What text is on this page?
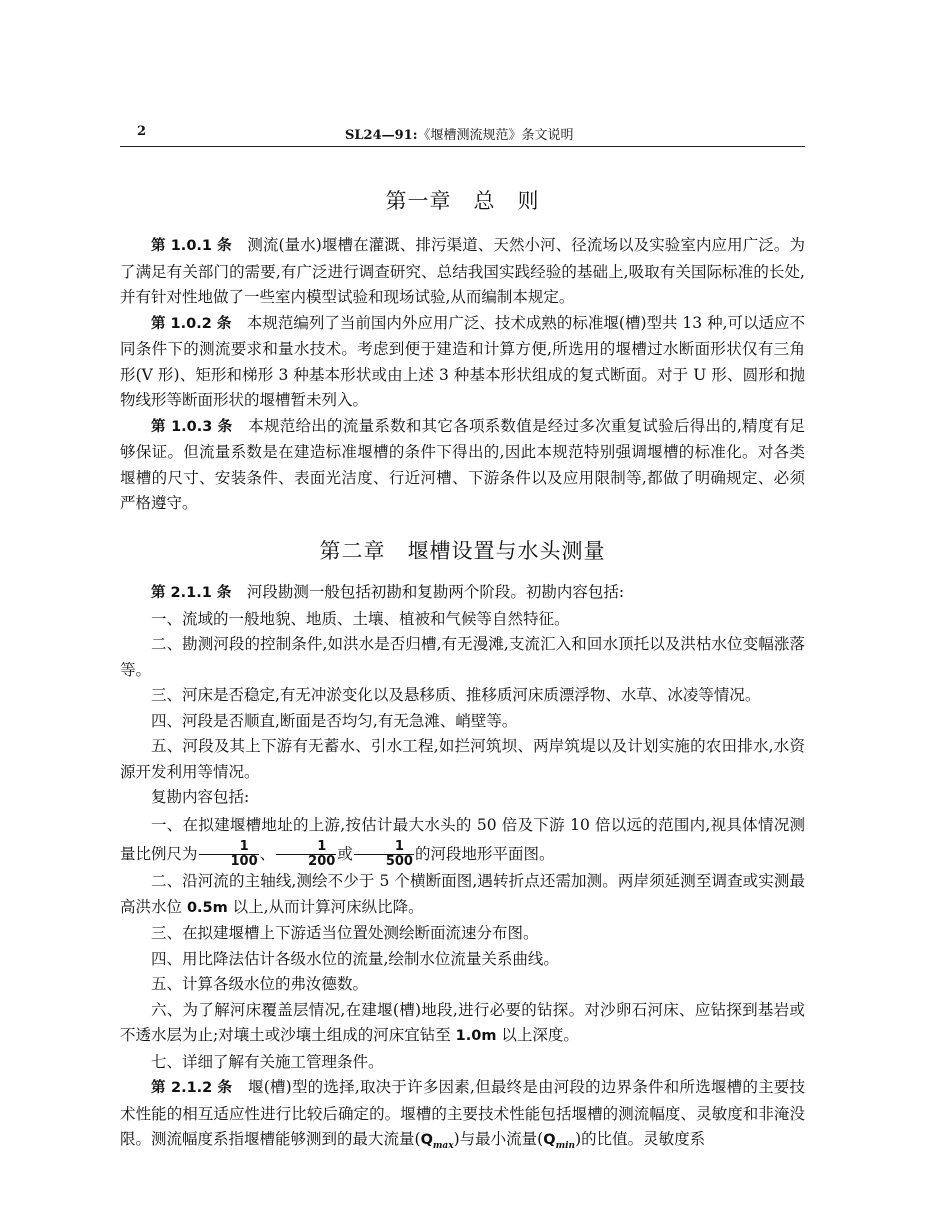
2	SL24—91:《堰槽测流规范》条文说明
第一章　总　则

第 1.0.1 条　测流(量水)堰槽在灌溉、排污渠道、天然小河、径流场以及实验室内应用广泛。为了满足有关部门的需要,有广泛进行调查研究、总结我国实践经验的基础上,吸取有关国际标准的长处,并有针对性地做了一些室内模型试验和现场试验,从而编制本规定。

第 1.0.2 条　本规范编列了当前国内外应用广泛、技术成熟的标准堰(槽)型共 13 种,可以适应不同条件下的测流要求和量水技术。考虑到便于建造和计算方便,所选用的堰槽过水断面形状仅有三角形(V 形)、矩形和梯形 3 种基本形状或由上述 3 种基本形状组成的复式断面。对于 U 形、圆形和抛物线形等断面形状的堰槽暂未列入。

第 1.0.3 条　本规范给出的流量系数和其它各项系数值是经过多次重复试验后得出的,精度有足够保证。但流量系数是在建造标准堰槽的条件下得出的,因此本规范特别强调堰槽的标准化。对各类堰槽的尺寸、安装条件、表面光洁度、行近河槽、下游条件以及应用限制等,都做了明确规定、必须严格遵守。

第二章　堰槽设置与水头测量

第 2.1.1 条　河段勘测一般包括初勘和复勘两个阶段。初勘内容包括:

一、流域的一般地貌、地质、土壤、植被和气候等自然特征。

二、勘测河段的控制条件,如洪水是否归槽,有无漫滩,支流汇入和回水顶托以及洪枯水位变幅涨落等。

三、河床是否稳定,有无冲淤变化以及悬移质、推移质河床质漂浮物、水草、冰凌等情况。

四、河段是否顺直,断面是否均匀,有无急滩、峭壁等。

五、河段及其上下游有无蓄水、引水工程,如拦河筑坝、两岸筑堤以及计划实施的农田排水,水资源开发利用等情况。

复勘内容包括:

一、在拟建堰槽地址的上游,按估计最大水头的 50 倍及下游 10 倍以远的范围内,视具体情况测量比例尺为 $\frac{1}{100}$ 、 $\frac{1}{200}$ 或 $\frac{1}{500}$ 的河段地形平面图。

二、沿河流的主轴线,测绘不少于 5 个横断面图,遇转折点还需加测。两岸须延测至调查或实测最高洪水位 0.5m 以上,从而计算河床纵比降。

三、在拟建堰槽上下游适当位置处测绘断面流速分布图。

四、用比降法估计各级水位的流量,绘制水位流量关系曲线。

五、计算各级水位的弗汝德数。

六、为了解河床覆盖层情况,在建堰(槽)地段,进行必要的钻探。对沙卵石河床、应钻探到基岩或不透水层为止;对壤土或沙壤土组成的河床宜钻至 1.0m 以上深度。

七、详细了解有关施工管理条件。

第 2.1.2 条　堰(槽)型的选择,取决于许多因素,但最终是由河段的边界条件和所选堰槽的主要技术性能的相互适应性进行比较后确定的。堰槽的主要技术性能包括堰槽的测流幅度、灵敏度和非淹没限。测流幅度系指堰槽能够测到的最大流量$(Q_{max})$与最小流量$(Q_{min})$的比值。灵敏度系
